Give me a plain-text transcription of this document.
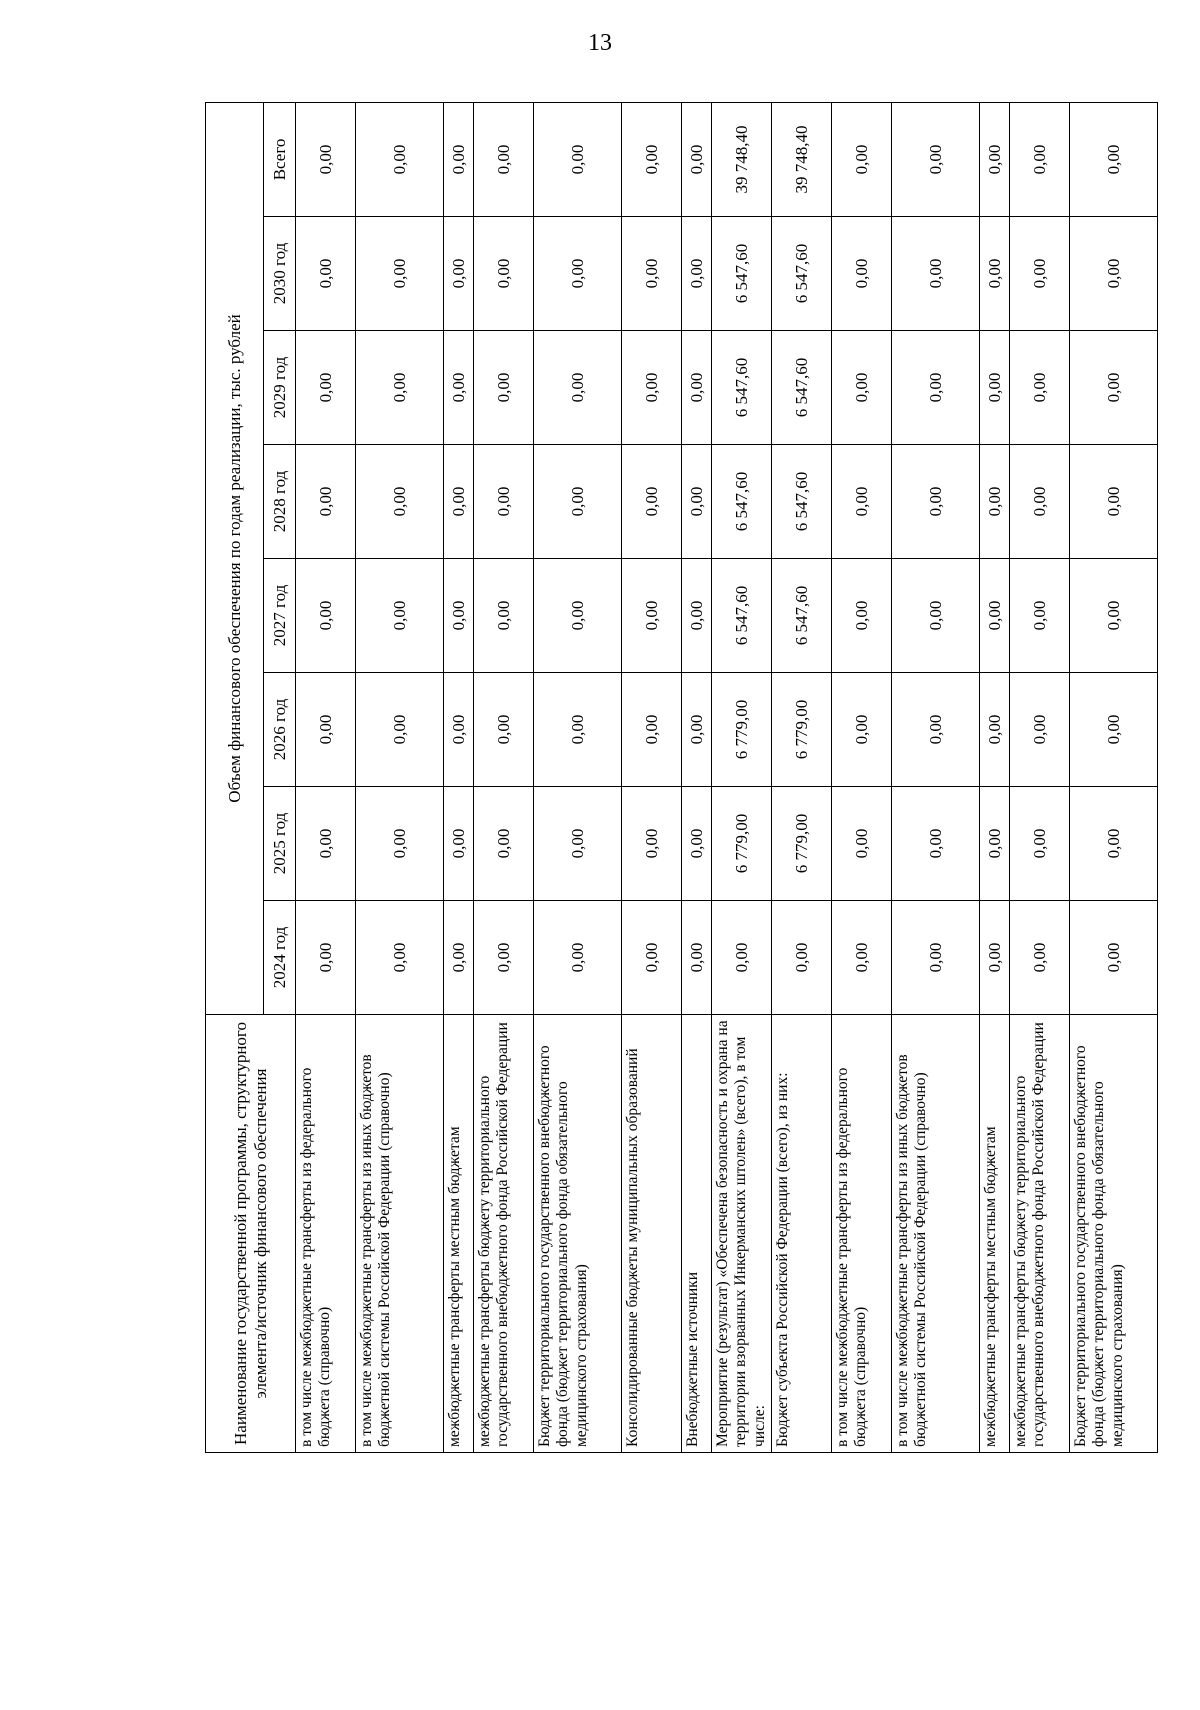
13
Наименование государственной программы, структурного элемента/источник финансового обеспечения	Объем финансового обеспечения по годам реализации, тыс. рублей							
	2024 год	2025 год	2026 год	2027 год	2028 год	2029 год	2030 год	Всего
в том числе межбюджетные трансферты из федерального бюджета (справочно)	0,00	0,00	0,00	0,00	0,00	0,00	0,00	0,00
в том числе межбюджетные трансферты из иных бюджетов бюджетной системы Российской Федерации (справочно)	0,00	0,00	0,00	0,00	0,00	0,00	0,00	0,00
межбюджетные трансферты местным бюджетам	0,00	0,00	0,00	0,00	0,00	0,00	0,00	0,00
межбюджетные трансферты бюджету территориального государственного внебюджетного фонда Российской Федерации	0,00	0,00	0,00	0,00	0,00	0,00	0,00	0,00
Бюджет территориального государственного внебюджетного фонда (бюджет территориального фонда обязательного медицинского страхования)	0,00	0,00	0,00	0,00	0,00	0,00	0,00	0,00
Консолидированные бюджеты муниципальных образований	0,00	0,00	0,00	0,00	0,00	0,00	0,00	0,00
Внебюджетные источники	0,00	0,00	0,00	0,00	0,00	0,00	0,00	0,00
Мероприятие (результат) «Обеспечена безопасность и охрана на территории взорванных Инкерманских штолен» (всего), в том числе:	0,00	6 779,00	6 779,00	6 547,60	6 547,60	6 547,60	6 547,60	39 748,40
Бюджет субъекта Российской Федерации (всего), из них:	0,00	6 779,00	6 779,00	6 547,60	6 547,60	6 547,60	6 547,60	39 748,40
в том числе межбюджетные трансферты из федерального бюджета (справочно)	0,00	0,00	0,00	0,00	0,00	0,00	0,00	0,00
в том числе межбюджетные трансферты из иных бюджетов бюджетной системы Российской Федерации (справочно)	0,00	0,00	0,00	0,00	0,00	0,00	0,00	0,00
межбюджетные трансферты местным бюджетам	0,00	0,00	0,00	0,00	0,00	0,00	0,00	0,00
межбюджетные трансферты бюджету территориального государственного внебюджетного фонда Российской Федерации	0,00	0,00	0,00	0,00	0,00	0,00	0,00	0,00
Бюджет территориального государственного внебюджетного фонда (бюджет территориального фонда обязательного медицинского страхования)	0,00	0,00	0,00	0,00	0,00	0,00	0,00	0,00
